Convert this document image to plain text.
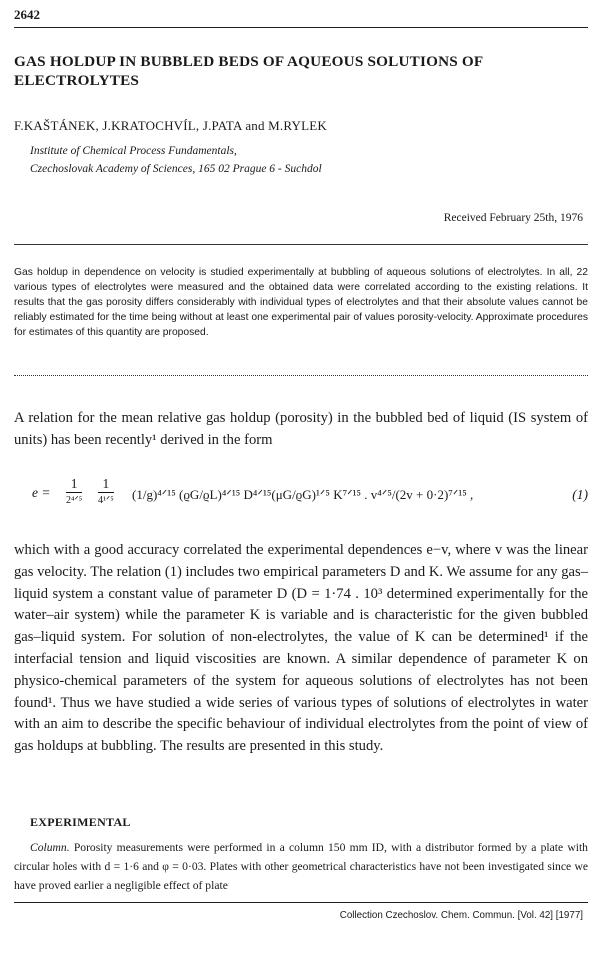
2642
GAS HOLDUP IN BUBBLED BEDS OF AQUEOUS SOLUTIONS OF ELECTROLYTES
F.KAŠTÁNEK, J.KRATOCHVÍL, J.PATA and M.RYLEK
Institute of Chemical Process Fundamentals,
Czechoslovak Academy of Sciences, 165 02 Prague 6 - Suchdol
Received February 25th, 1976
Gas holdup in dependence on velocity is studied experimentally at bubbling of aqueous solutions of electrolytes. In all, 22 various types of electrolytes were measured and the obtained data were correlated according to the existing relations. It results that the gas porosity differs considerably with individual types of electrolytes and that their absolute values cannot be reliably estimated for the time being without at least one experimental pair of values porosity-velocity. Approximate procedures for estimates of this quantity are proposed.
A relation for the mean relative gas holdup (porosity) in the bubbled bed of liquid (IS system of units) has been recently¹ derived in the form
e =
1
2⁴ᐟ⁵
1
4¹ᐟ⁵ (1/g)⁴ᐟ¹⁵ (ϱG/ϱL)⁴ᐟ¹⁵ D⁴ᐟ¹⁵(μG/ϱG)¹ᐟ⁵ K⁷ᐟ¹⁵ . v⁴ᐟ⁵/(2v + 0·2)⁷ᐟ¹⁵ ,	(1)
which with a good accuracy correlated the experimental dependences e−v, where v was the linear gas velocity. The relation (1) includes two empirical parameters D and K. We assume for any gas–liquid system a constant value of parameter D (D = 1·74 . 10³ determined experimentally for the water–air system) while the parameter K is variable and is characteristic for the given bubbled gas–liquid system. For solution of non-electrolytes, the value of K can be determined¹ if the interfacial tension and liquid viscosities are known. A similar dependence of parameter K on physico-chemical parameters of the system for aqueous solutions of electrolytes has not been found¹. Thus we have studied a wide series of various types of solutions of electrolytes in water with an aim to describe the specific behaviour of individual electrolytes from the point of view of gas holdups at bubbling. The results are presented in this study.
EXPERIMENTAL
Column. Porosity measurements were performed in a column 150 mm ID, with a distributor formed by a plate with circular holes with d = 1·6 and φ = 0·03. Plates with other geometrical characteristics have not been investigated since we have proved earlier a negligible effect of plate
Collection Czechoslov. Chem. Commun. [Vol. 42] [1977]
